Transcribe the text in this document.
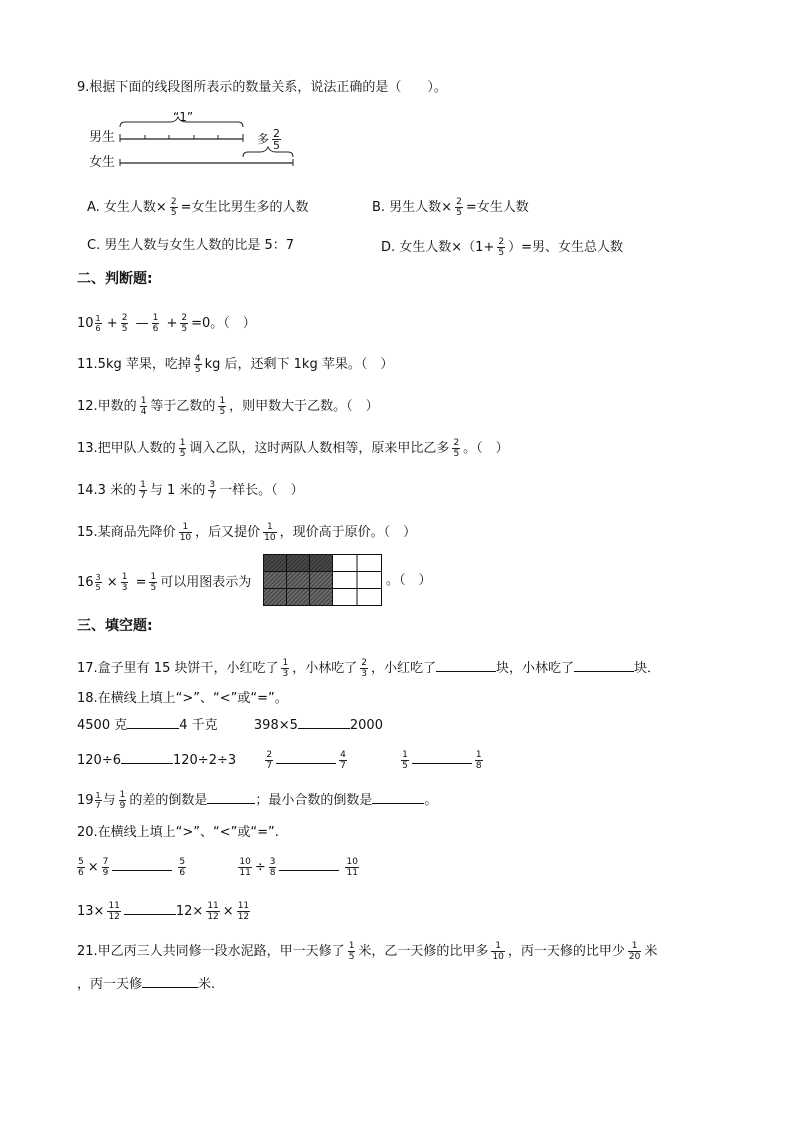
9.根据下面的线段图所表示的数量关系，说法正确的是（　　）。
男生
女生
“1”
多 $\frac{2}{5}$
A. 女生人数× $\frac{2}{5}$ =女生比男生多的人数	B. 男生人数× $\frac{2}{5}$ =女生人数
C. 男生人数与女生人数的比是 5：7	D. 女生人数$\times(1+ \frac{2}{5}$ ）=男、女生总人数
二、判断题:
$10 \frac{1}{6} + \frac{2}{5}$ — $\frac{1}{6} + \frac{2}{5} =0$。（　）
11.5kg 苹果，吃掉 $\frac{4}{5}$ kg 后，还剩下 1kg 苹果。（　）
12.甲数的 $\frac{1}{4}$ 等于乙数的 $\frac{1}{5}$ ，则甲数大于乙数。（　）
13.把甲队人数的 $\frac{1}{5}$ 调入乙队，这时两队人数相等，原来甲比乙多 $\frac{2}{5}$ 。（　）
14.3 米的 $\frac{1}{7}$ 与 1 米的 $\frac{3}{7}$ 一样长。（　）
15.某商品先降价 $\frac{1}{10}$ ，后又提价 $\frac{1}{10}$ ，现价高于原价。（　）
$16 \frac{3}{5} \times \frac{1}{3} = \frac{1}{5}$ 可以用图表示为	。（　）
三、填空题:
17.盒子里有 15 块饼干，小红吃了 $\frac{1}{3}$ ，小林吃了 $\frac{2}{3}$ ，小红吃了	块，小林吃了	块．
18.在横线上填上“>”、“<”或“=”。
4500 克	4 千克	398×5	2000
120÷6	120÷2÷3	$\frac{2}{7}$	$\frac{4}{7}$
	$\frac{1}{5}$	$\frac{1}{8}$
$19 \frac{1}{7}$ 与 $\frac{1}{9}$ 的差的倒数是	；最小合数的倒数是	。
20.在横线上填上“>”、“<”或“=”.
$\frac{5}{6} \times \frac{7}{9}$	$\frac{5}{6}$
	$\frac{10}{11} \div \frac{3}{8}$	$\frac{10}{11}$
$13\times \frac{11}{12}$	$12\times \frac{11}{12} \times \frac{11}{12}$
21.甲乙丙三人共同修一段水泥路，甲一天修了 $\frac{1}{5}$ 米，乙一天修的比甲多 $\frac{1}{10}$ ，丙一天修的比甲少 $\frac{1}{20}$ 米
，丙一天修	米.
